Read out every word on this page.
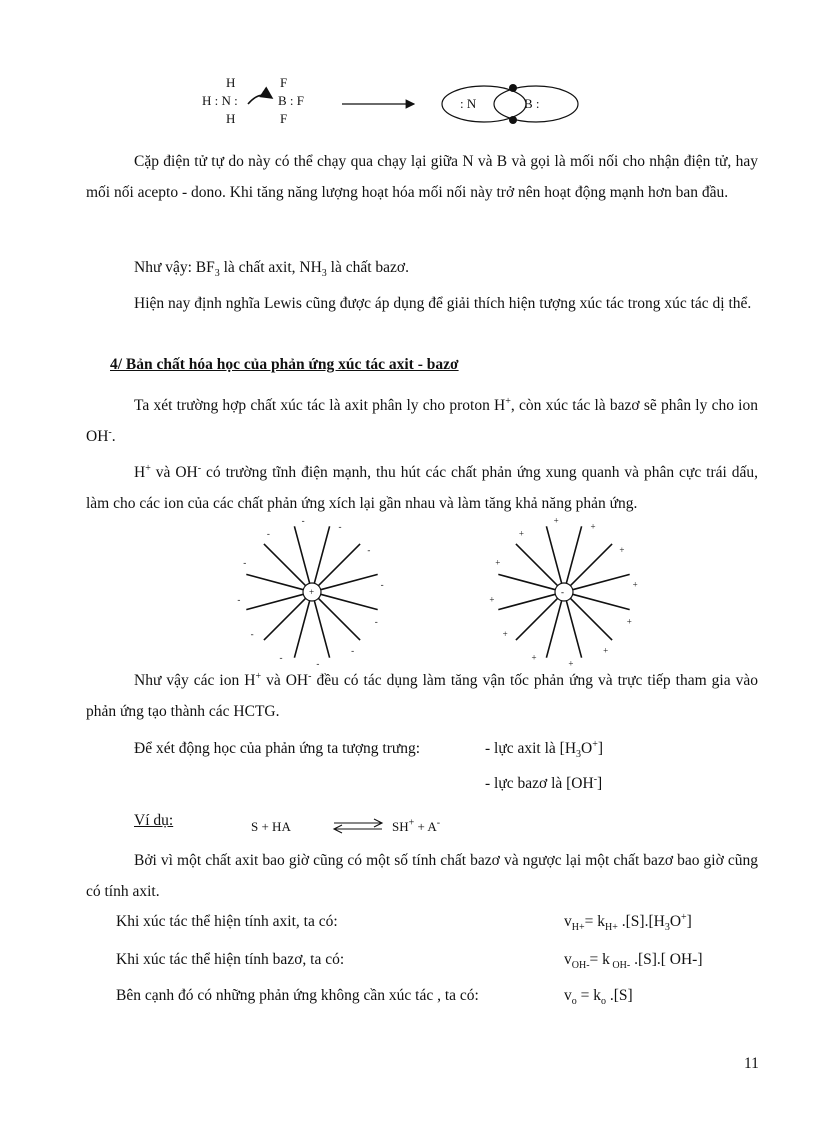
H
H : N :
H
F
B : F
F
: N	B :
Cặp điện tử tự do này có thể chạy qua chạy lại giữa N và B và gọi là mối nối cho nhận điện tử, hay mối nối acepto - dono. Khi tăng năng lượng hoạt hóa mối nối này trở nên hoạt động mạnh hơn ban đầu.
Như vậy: $BF_3$ là chất axit, $NH_3$ là chất bazơ.
Hiện nay định nghĩa Lewis cũng được áp dụng để giải thích hiện tượng xúc tác trong xúc tác dị thể.
4/ Bản chất hóa học của phản ứng xúc tác axit - bazơ
Ta xét trường hợp chất xúc tác là axit phân ly cho proton H+, còn xúc tác là bazơ sẽ phân ly cho ion OH-.
H+ và OH- có trường tĩnh điện mạnh, thu hút các chất phản ứng xung quanh và phân cực trái dấu, làm cho các ion của các chất phản ứng xích lại gần nhau và làm tăng khả năng phản ứng.
-
-
-
-
-
-
-
-
-
-
-
-
+
+
+
+
+
+
+
+
+
+
+
+
+
-
Như vậy các ion H+ và OH- đều có tác dụng làm tăng vận tốc phản ứng và trực tiếp tham gia vào phản ứng tạo thành các HCTG.
Để xét động học của phản ứng ta tượng trưng:	- lực axit là $[H_3O^+]$
- lực bazơ là [OH-]
Ví dụ:	S + HA ⇌ SH+ + A-
Bởi vì một chất axit bao giờ cũng có một số tính chất bazơ và ngược lại một chất bazơ bao giờ cũng có tính axit.
Khi xúc tác thể hiện tính axit, ta có:	$v_{H+}= k_{H+}$ $.[S].[H_3O^+]$
Khi xúc tác thể hiện tính bazơ, ta có:	$v_{OH-}= k$ $_{OH-}$ .[S].[ OH-]
Bên cạnh đó có những phản ứng không cần xúc tác , ta có:	$v_o = k_o$ .[S]
11
